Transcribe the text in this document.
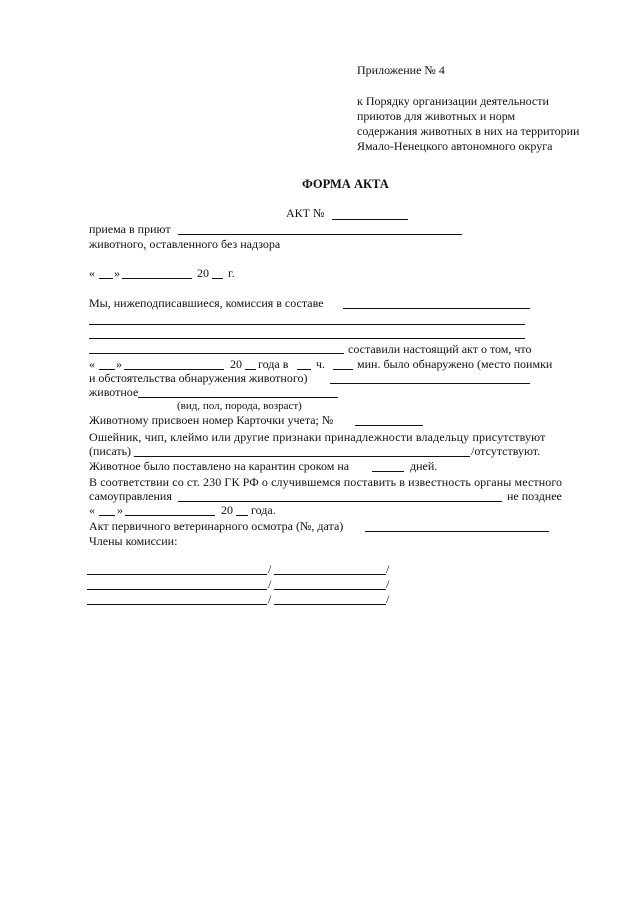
Приложение № 4
к Порядку организации деятельности
приютов для животных и норм
содержания животных в них на территории
Ямало-Ненецкого автономного округа
ФОРМА АКТА
АКТ №
приема в приют
животного, оставленного без надзора
« »	20 г.
Мы, нижеподписавшиеся, комиссия в составе
составили настоящий акт о том, что
« »	20 года в ч.	мин. было обнаружено (место поимки
и обстоятельства обнаружения животного)
животное
(вид, пол, порода, возраст)
Животному присвоен номер Карточки учета; №
Ошейник, чип, клеймо или другие признаки принадлежности владельцу присутствуют
(писать)	/отсутствуют.
Животное было поставлено на карантин сроком на	дней.
В соответствии со ст. 230 ГК РФ о случившемся поставить в известность органы местного
самоуправления	не позднее
« »	20 года.
Акт первичного ветеринарного осмотра (№, дата)
Члены комиссии:
/	/
/	/
/	/
